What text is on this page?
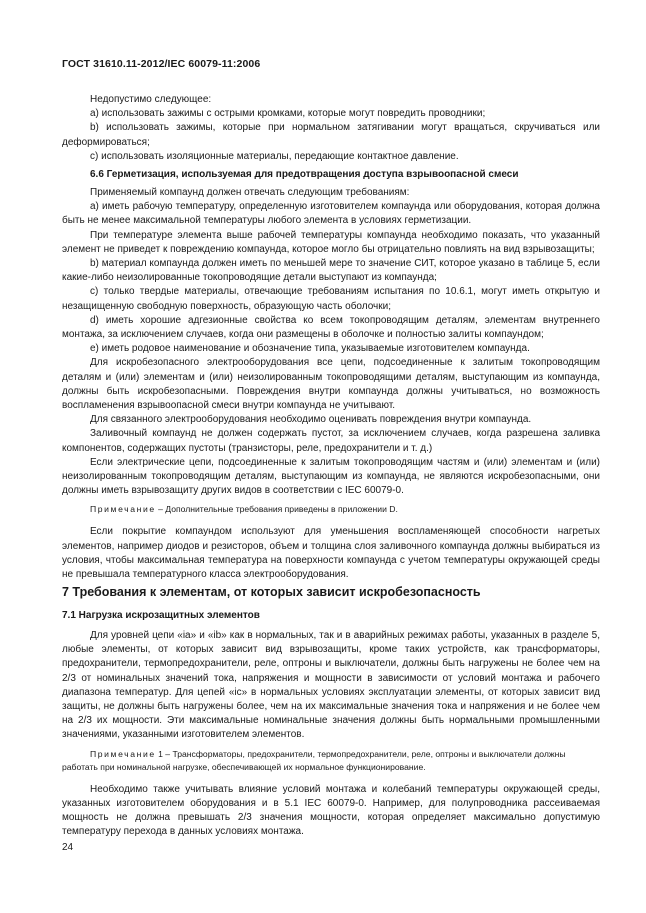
ГОСТ 31610.11-2012/IEC 60079-11:2006

Недопустимо следующее:

а) использовать зажимы с острыми кромками, которые могут повредить проводники;

b) использовать зажимы, которые при нормальном затягивании могут вращаться, скручиваться или деформироваться;

c) использовать изоляционные материалы, передающие контактное давление.

6.6 Герметизация, используемая для предотвращения доступа взрывоопасной смеси

Применяемый компаунд должен отвечать следующим требованиям:

а) иметь рабочую температуру, определенную изготовителем компаунда или оборудования, которая должна быть не менее максимальной температуры любого элемента в условиях герметизации.

При температуре элемента выше рабочей температуры компаунда необходимо показать, что указанный элемент не приведет к повреждению компаунда, которое могло бы отрицательно повлиять на вид взрывозащиты;

b) материал компаунда должен иметь по меньшей мере то значение СИТ, которое указано в таблице 5, если какие-либо неизолированные токопроводящие детали выступают из компаунда;

c) только твердые материалы, отвечающие требованиям испытания по 10.6.1, могут иметь открытую и незащищенную свободную поверхность, образующую часть оболочки;

d) иметь хорошие адгезионные свойства ко всем токопроводящим деталям, элементам внутреннего монтажа, за исключением случаев, когда они размещены в оболочке и полностью залиты компаундом;

е) иметь родовое наименование и обозначение типа, указываемые изготовителем компаунда.

Для искробезопасного электрооборудования все цепи, подсоединенные к залитым токопроводящим деталям и (или) элементам и (или) неизолированным токопроводящими деталям, выступающим из компаунда, должны быть искробезопасными. Повреждения внутри компаунда должны учитываться, но возможность воспламенения взрывоопасной смеси внутри компаунда не учитывают.

Для связанного электрооборудования необходимо оценивать повреждения внутри компаунда.

Заливочный компаунд не должен содержать пустот, за исключением случаев, когда разрешена заливка компонентов, содержащих пустоты (транзисторы, реле, предохранители и т. д.)

Если электрические цепи, подсоединенные к залитым токопроводящим частям и (или) элементам и (или) неизолированным токопроводящим деталям, выступающим из компаунда, не являются искробезопасными, они должны иметь взрывозащиту других видов в соответствии с IEC 60079-0.

Примечание – Дополнительные требования приведены в приложении D.

Если покрытие компаундом используют для уменьшения воспламеняющей способности нагретых элементов, например диодов и резисторов, объем и толщина слоя заливочного компаунда должны выбираться из условия, чтобы максимальная температура на поверхности компаунда с учетом температуры окружающей среды не превышала температурного класса электрооборудования.

7 Требования к элементам, от которых зависит искробезопасность
7.1 Нагрузка искрозащитных элементов

Для уровней цепи «ia» и «ib» как в нормальных, так и в аварийных режимах работы, указанных в разделе 5, любые элементы, от которых зависит вид взрывозащиты, кроме таких устройств, как трансформаторы, предохранители, термопредохранители, реле, оптроны и выключатели, должны быть нагружены не более чем на 2/3 от номинальных значений тока, напряжения и мощности в зависимости от условий монтажа и рабочего диапазона температур. Для цепей «ic» в нормальных условиях эксплуатации элементы, от которых зависит вид защиты, не должны быть нагружены более, чем на их максимальные значения тока и напряжения и не более чем на 2/3 их мощности. Эти максимальные номинальные значения должны быть нормальными промышленными значениями, указанными изготовителем элементов.

Примечание 1 – Трансформаторы, предохранители, термопредохранители, реле, оптроны и выключатели должны работать при номинальной нагрузке, обеспечивающей их нормальное функционирование.

Необходимо также учитывать влияние условий монтажа и колебаний температуры окружающей среды, указанных изготовителем оборудования и в 5.1 IEC 60079-0. Например, для полупроводника рассеиваемая мощность не должна превышать 2/3 значения мощности, которая определяет максимально допустимую температуру перехода в данных условиях монтажа.

24
